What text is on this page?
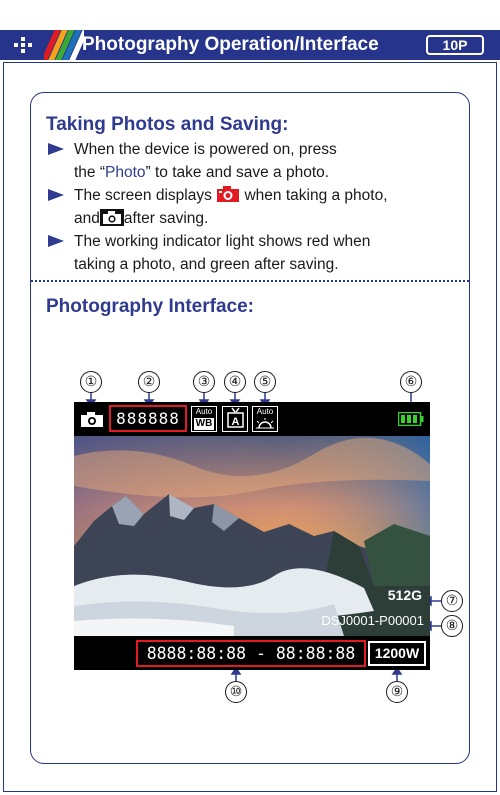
Photography Operation/Interface	10P
Taking Photos and Saving:
When the device is powered on, press
the “Photo” to take and save a photo.
The screen displays when taking a photo,
and after saving.
The working indicator light shows red when
taking a photo, and green after saving.
Photography Interface:
①	②	③	④	⑤	⑥
⑦
⑧
⑨
⑩
888888	Auto
WB A
Auto
512G
DSJ0001-P00001
8888:88:88 - 88:88:88	1200W
